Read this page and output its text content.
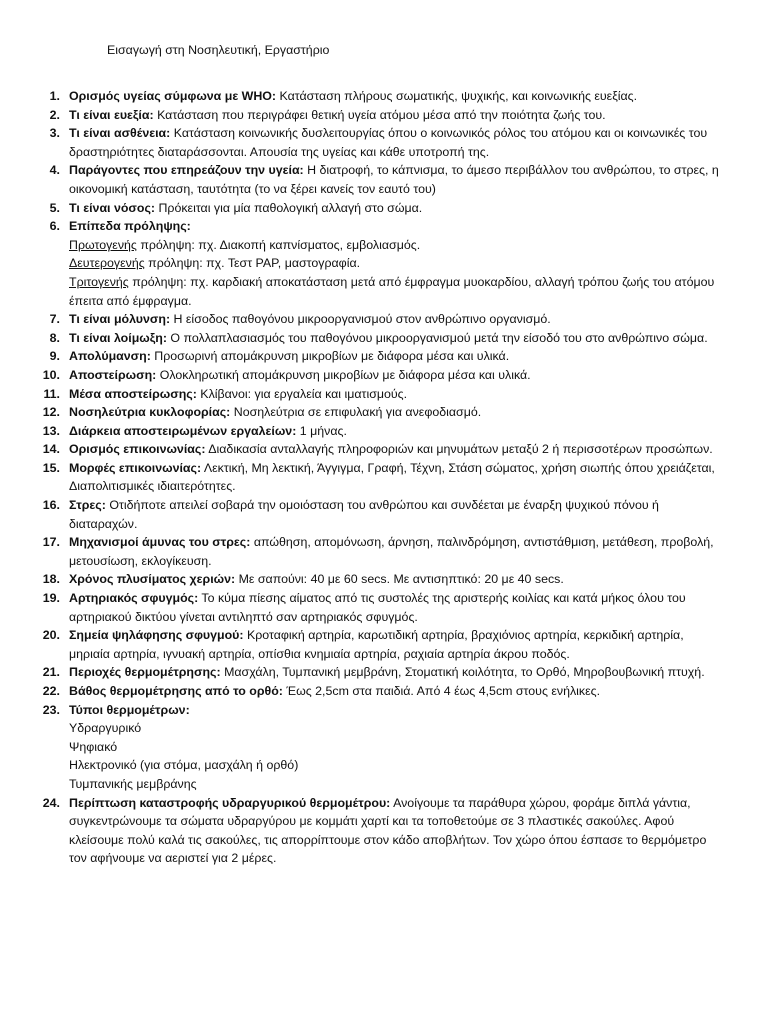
Εισαγωγή στη Νοσηλευτική, Εργαστήριο
1. Ορισμός υγείας σύμφωνα με WHO: Κατάσταση πλήρους σωματικής, ψυχικής, και κοινωνικής ευεξίας.
2. Τι είναι ευεξία: Κατάσταση που περιγράφει θετική υγεία ατόμου μέσα από την ποιότητα ζωής του.
3. Τι είναι ασθένεια: Κατάσταση κοινωνικής δυσλειτουργίας όπου ο κοινωνικός ρόλος του ατόμου και οι κοινωνικές του δραστηριότητες διαταράσσονται. Απουσία της υγείας και κάθε υποτροπή της.
4. Παράγοντες που επηρεάζουν την υγεία: Η διατροφή, το κάπνισμα, το άμεσο περιβάλλον του ανθρώπου, το στρες, η οικονομική κατάσταση, ταυτότητα (το να ξέρει κανείς τον εαυτό του)
5. Τι είναι νόσος: Πρόκειται για μία παθολογική αλλαγή στο σώμα.
6. Επίπεδα πρόληψης:
Πρωτογενής πρόληψη: πχ. Διακοπή καπνίσματος, εμβολιασμός.
Δευτερογενής πρόληψη: πχ. Τεστ PAP, μαστογραφία.
Τριτογενής πρόληψη: πχ. καρδιακή αποκατάσταση μετά από έμφραγμα μυοκαρδίου, αλλαγή τρόπου ζωής του ατόμου έπειτα από έμφραγμα.
7. Τι είναι μόλυνση: Η είσοδος παθογόνου μικροοργανισμού στον ανθρώπινο οργανισμό.
8. Τι είναι λοίμωξη: Ο πολλαπλασιασμός του παθογόνου μικροοργανισμού μετά την είσοδό του στο ανθρώπινο σώμα.
9. Απολύμανση: Προσωρινή απομάκρυνση μικροβίων με διάφορα μέσα και υλικά.
10. Αποστείρωση: Ολοκληρωτική απομάκρυνση μικροβίων με διάφορα μέσα και υλικά.
11. Μέσα αποστείρωσης: Κλίβανοι: για εργαλεία και ιματισμούς.
12. Νοσηλεύτρια κυκλοφορίας: Νοσηλεύτρια σε επιφυλακή για ανεφοδιασμό.
13. Διάρκεια αποστειρωμένων εργαλείων: 1 μήνας.
14. Ορισμός επικοινωνίας: Διαδικασία ανταλλαγής πληροφοριών και μηνυμάτων μεταξύ 2 ή περισσοτέρων προσώπων.
15. Μορφές επικοινωνίας: Λεκτική, Μη λεκτική, Άγγιγμα, Γραφή, Τέχνη, Στάση σώματος, χρήση σιωπής όπου χρειάζεται, Διαπολιτισμικές ιδιαιτερότητες.
16. Στρες: Οτιδήποτε απειλεί σοβαρά την ομοιόσταση του ανθρώπου και συνδέεται με έναρξη ψυχικού πόνου ή διαταραχών.
17. Μηχανισμοί άμυνας του στρες: απώθηση, απομόνωση, άρνηση, παλινδρόμηση, αντιστάθμιση, μετάθεση, προβολή, μετουσίωση, εκλογίκευση.
18. Χρόνος πλυσίματος χεριών: Με σαπούνι: 40 με 60 secs. Με αντισηπτικό: 20 με 40 secs.
19. Αρτηριακός σφυγμός: Το κύμα πίεσης αίματος από τις συστολές της αριστερής κοιλίας και κατά μήκος όλου του αρτηριακού δικτύου γίνεται αντιληπτό σαν αρτηριακός σφυγμός.
20. Σημεία ψηλάφησης σφυγμού: Κροταφική αρτηρία, καρωτιδική αρτηρία, βραχιόνιος αρτηρία, κερκιδική αρτηρία, μηριαία αρτηρία, ιγνυακή αρτηρία, οπίσθια κνημιαία αρτηρία, ραχιαία αρτηρία άκρου ποδός.
21. Περιοχές θερμομέτρησης: Μασχάλη, Τυμπανική μεμβράνη, Στοματική κοιλότητα, το Ορθό, Μηροβουβωνική πτυχή.
22. Βάθος θερμομέτρησης από το ορθό: Έως 2,5cm στα παιδιά. Από 4 έως 4,5cm στους ενήλικες.
23. Τύποι θερμομέτρων:
Υδραργυρικό
Ψηφιακό
Ηλεκτρονικό (για στόμα, μασχάλη ή ορθό)
Τυμπανικής μεμβράνης
24. Περίπτωση καταστροφής υδραργυρικού θερμομέτρου: Ανοίγουμε τα παράθυρα χώρου, φοράμε διπλά γάντια, συγκεντρώνουμε τα σώματα υδραργύρου με κομμάτι χαρτί και τα τοποθετούμε σε 3 πλαστικές σακούλες. Αφού κλείσουμε πολύ καλά τις σακούλες, τις απορρίπτουμε στον κάδο αποβλήτων. Τον χώρο όπου έσπασε το θερμόμετρο τον αφήνουμε να αεριστεί για 2 μέρες.
